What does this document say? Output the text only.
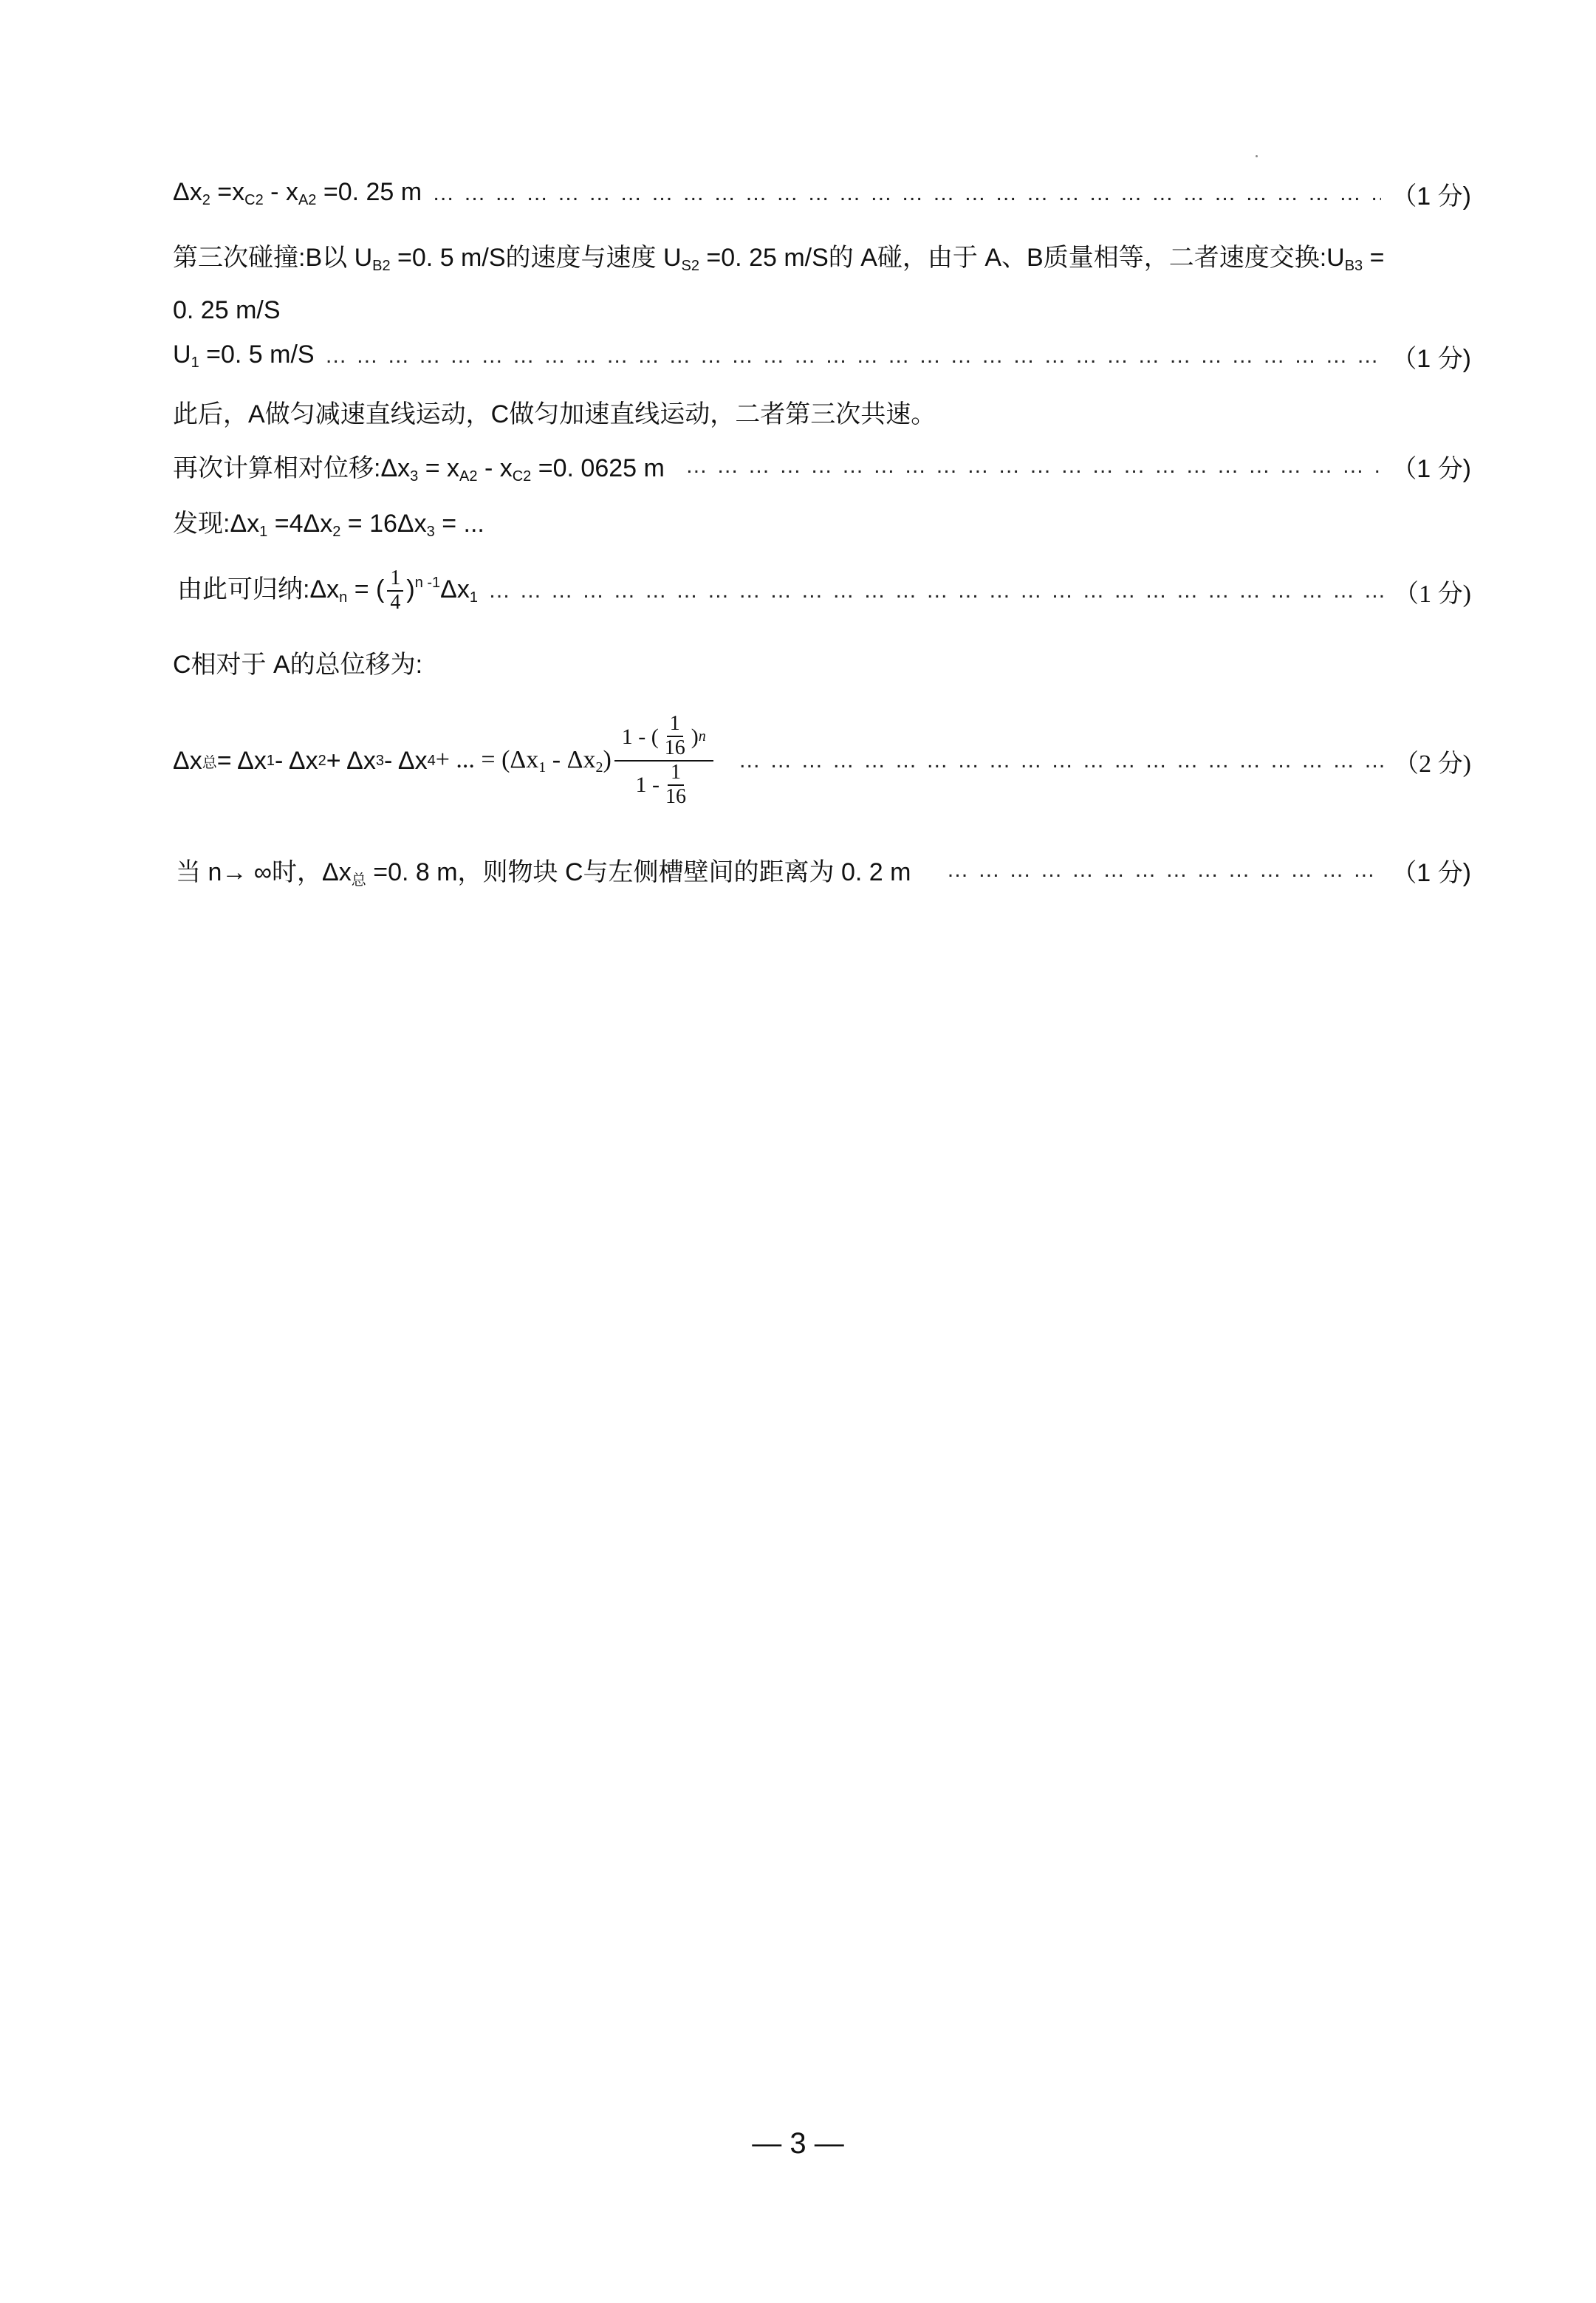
$\Delta x_2 =x_{C2} - x_{A2} =0$. 25 m … … … … … … … … … … … … … … … … … … … … … … … … … … … … … … … … … … … … … … … … … … … … … … … … … … … … … … … … … … … … …	（1 分)
第三次碰撞:B以 $U_{B2} =0$. 5 m/S的速度与速度 $U_{S2} =0$. 25 m/S的 A碰，由于 A、B质量相等，二者速度交换$:U_{B3}$ =
0. 25 m/S
$U_1 =0$. 5 m/S … … … … … … … … … … … … … … … … … … … … … … … … … … … … … … … … … … … … … … … … … … … … … … … … … … … … … … … … … … … … …	（1 分)
此后，A做匀减速直线运动，C做匀加速直线运动，二者第三次共速。
再次计算相对位移$:\Delta x_3 = x_{A2} - x_{C2} =0$. 0625 m … … … … … … … … … … … … … … … … … … … … … … … … … … … … … … … … … … … … … … … … … … … … … … … … … … … … … … … … … … … … …	（1 分)
发现$:\Delta x_1 =4\Delta x_2 = 16\Delta x_3$ = ...
由此可归纳$:\Delta x_n$ = ( $\frac{1}{4} )^{n -1}\Delta x_1$ … … … … … … … … … … … … … … … … … … … … … … … … … … … … … … … … … … … … … … … … … … … … … … … … … … … … … … … … … … … … …	（1 分)
C相对于 A的总位移为:
Δx 总 = Δx 1 - Δx 2 + Δx 3 - Δx 4 + ... = $(\Delta x_1 - \Delta x_2) \frac{1 - ( \frac{1}{16} ) n}{1 - \frac{1}{16}}$ … … … … … … … … … … … … … … … … … … … … … … … … … … … … … … … … … … … … … … … … … … … … … … … … … … … … … … … … … … … … …	（2 分)
当 n→ ∞时，$\Delta x_总 =0$. 8 m，则物块 C与左侧槽壁间的距离为 0. 2 m … … … … … … … … … … … … … … … … … … … … … … … … … … … … … … … … … … … … … … … … … … … … … … … … … … … … … … … … … … … … …	（1 分)
— 3 —
